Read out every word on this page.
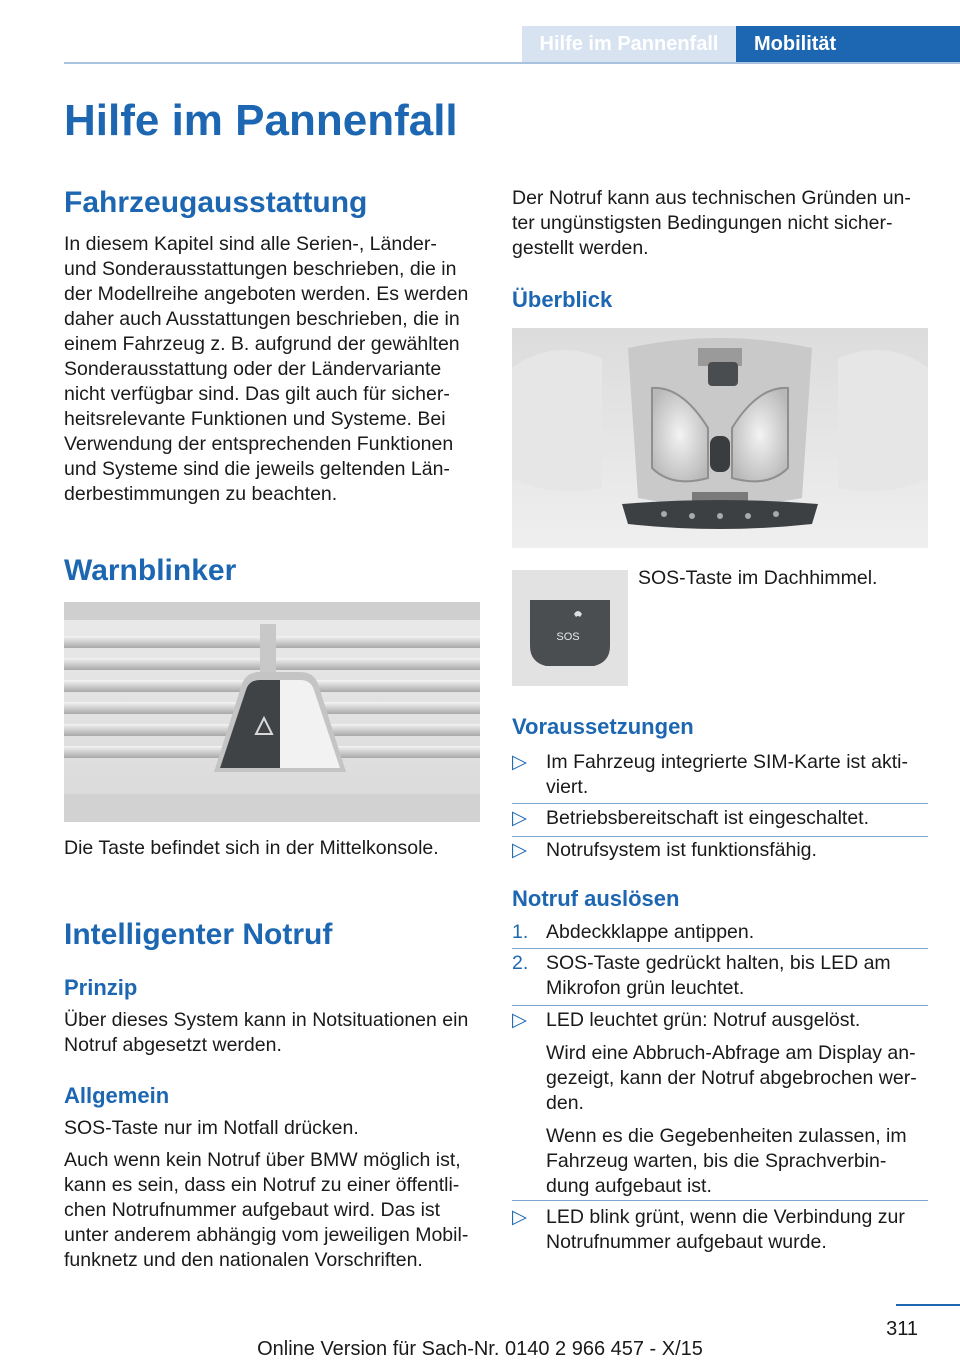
Hilfe im Pannenfall	Mobilität
Hilfe im Pannenfall
Fahrzeugausstattung

In diesem Kapitel sind alle Serien-, Länder-

und Sonderausstattungen beschrieben, die in

der Modellreihe angeboten werden. Es werden

daher auch Ausstattungen beschrieben, die in

einem Fahrzeug z. B. aufgrund der gewählten

Sonderausstattung oder der Ländervariante

nicht verfügbar sind. Das gilt auch für sicher-

heitsrelevante Funktionen und Systeme. Bei

Verwendung der entsprechenden Funktionen

und Systeme sind die jeweils geltenden Län-

derbestimmungen zu beachten.

Warnblinker

Die Taste befindet sich in der Mittelkonsole.

Intelligenter Notruf
Prinzip

Über dieses System kann in Notsituationen ein

Notruf abgesetzt werden.

Allgemein

SOS-Taste nur im Notfall drücken.

Auch wenn kein Notruf über BMW möglich ist,

kann es sein, dass ein Notruf zu einer öffentli-

chen Notrufnummer aufgebaut wird. Das ist

unter anderem abhängig vom jeweiligen Mobil-

funknetz und den nationalen Vorschriften.

Der Notruf kann aus technischen Gründen un-

ter ungünstigsten Bedingungen nicht sicher-

gestellt werden.

Überblick
SOS

SOS-Taste im Dachhimmel.

Voraussetzungen
▷ Im Fahrzeug integrierte SIM-Karte ist akti-
viert.
▷ Betriebsbereitschaft ist eingeschaltet.
▷ Notrufsystem ist funktionsfähig.
Notruf auslösen
1. Abdeckklappe antippen.
2. SOS-Taste gedrückt halten, bis LED am
Mikrofon grün leuchtet.
▷ LED leuchtet grün: Notruf ausgelöst.
Wird eine Abbruch-Abfrage am Display an-
gezeigt, kann der Notruf abgebrochen wer-
den.
Wenn es die Gegebenheiten zulassen, im
Fahrzeug warten, bis die Sprachverbin-
dung aufgebaut ist.
▷ LED blink grünt, wenn die Verbindung zur
Notrufnummer aufgebaut wurde.
311
Online Version für Sach-Nr. 0140 2 966 457 - X/15
